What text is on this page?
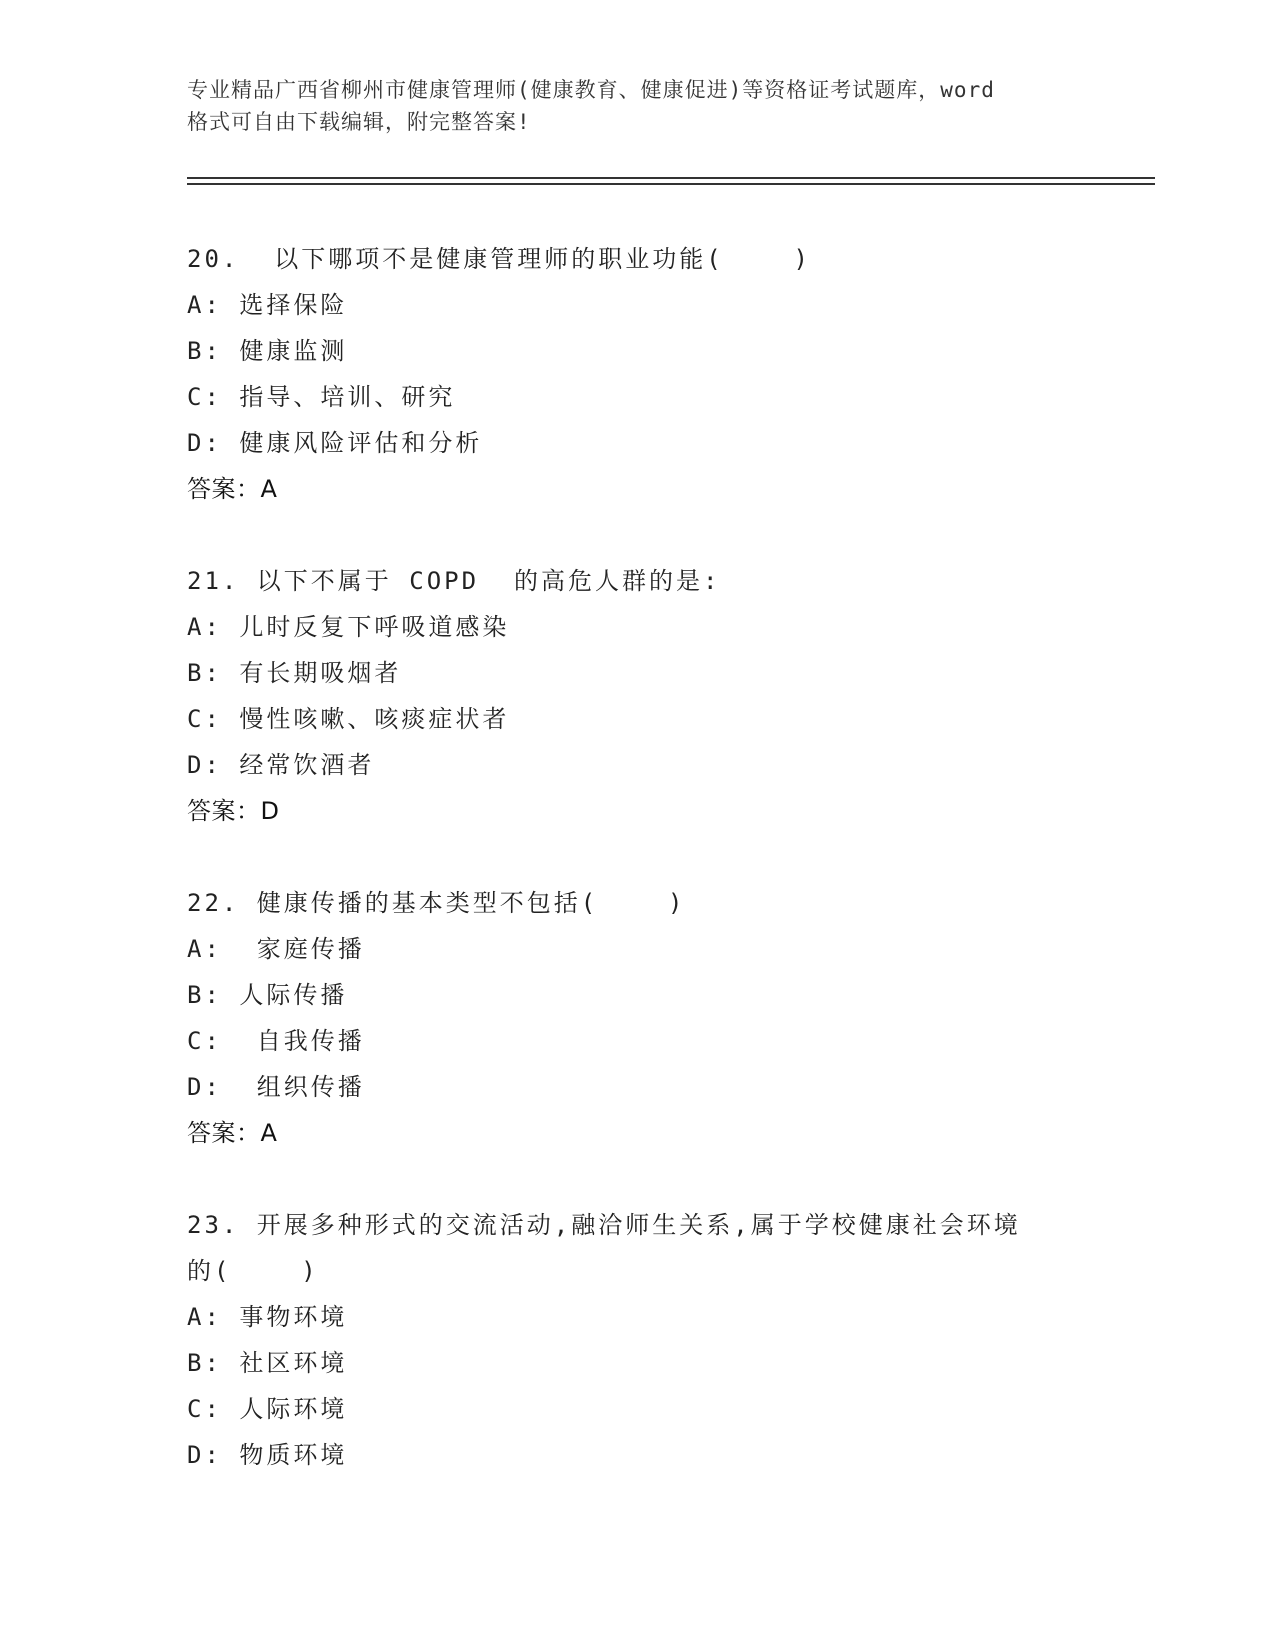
专业精品广西省柳州市健康管理师(健康教育、健康促进)等资格证考试题库，word
格式可自由下载编辑，附完整答案!
20.  以下哪项不是健康管理师的职业功能(    )
A: 选择保险
B: 健康监测
C: 指导、培训、研究
D: 健康风险评估和分析
答案：A
21. 以下不属于 COPD  的高危人群的是:
A: 儿时反复下呼吸道感染
B: 有长期吸烟者
C: 慢性咳嗽、咳痰症状者
D: 经常饮酒者
答案：D
22. 健康传播的基本类型不包括(    )
A:  家庭传播
B: 人际传播
C:  自我传播
D:  组织传播
答案：A
23. 开展多种形式的交流活动,融洽师生关系,属于学校健康社会环境
的(    )
A: 事物环境
B: 社区环境
C: 人际环境
D: 物质环境
